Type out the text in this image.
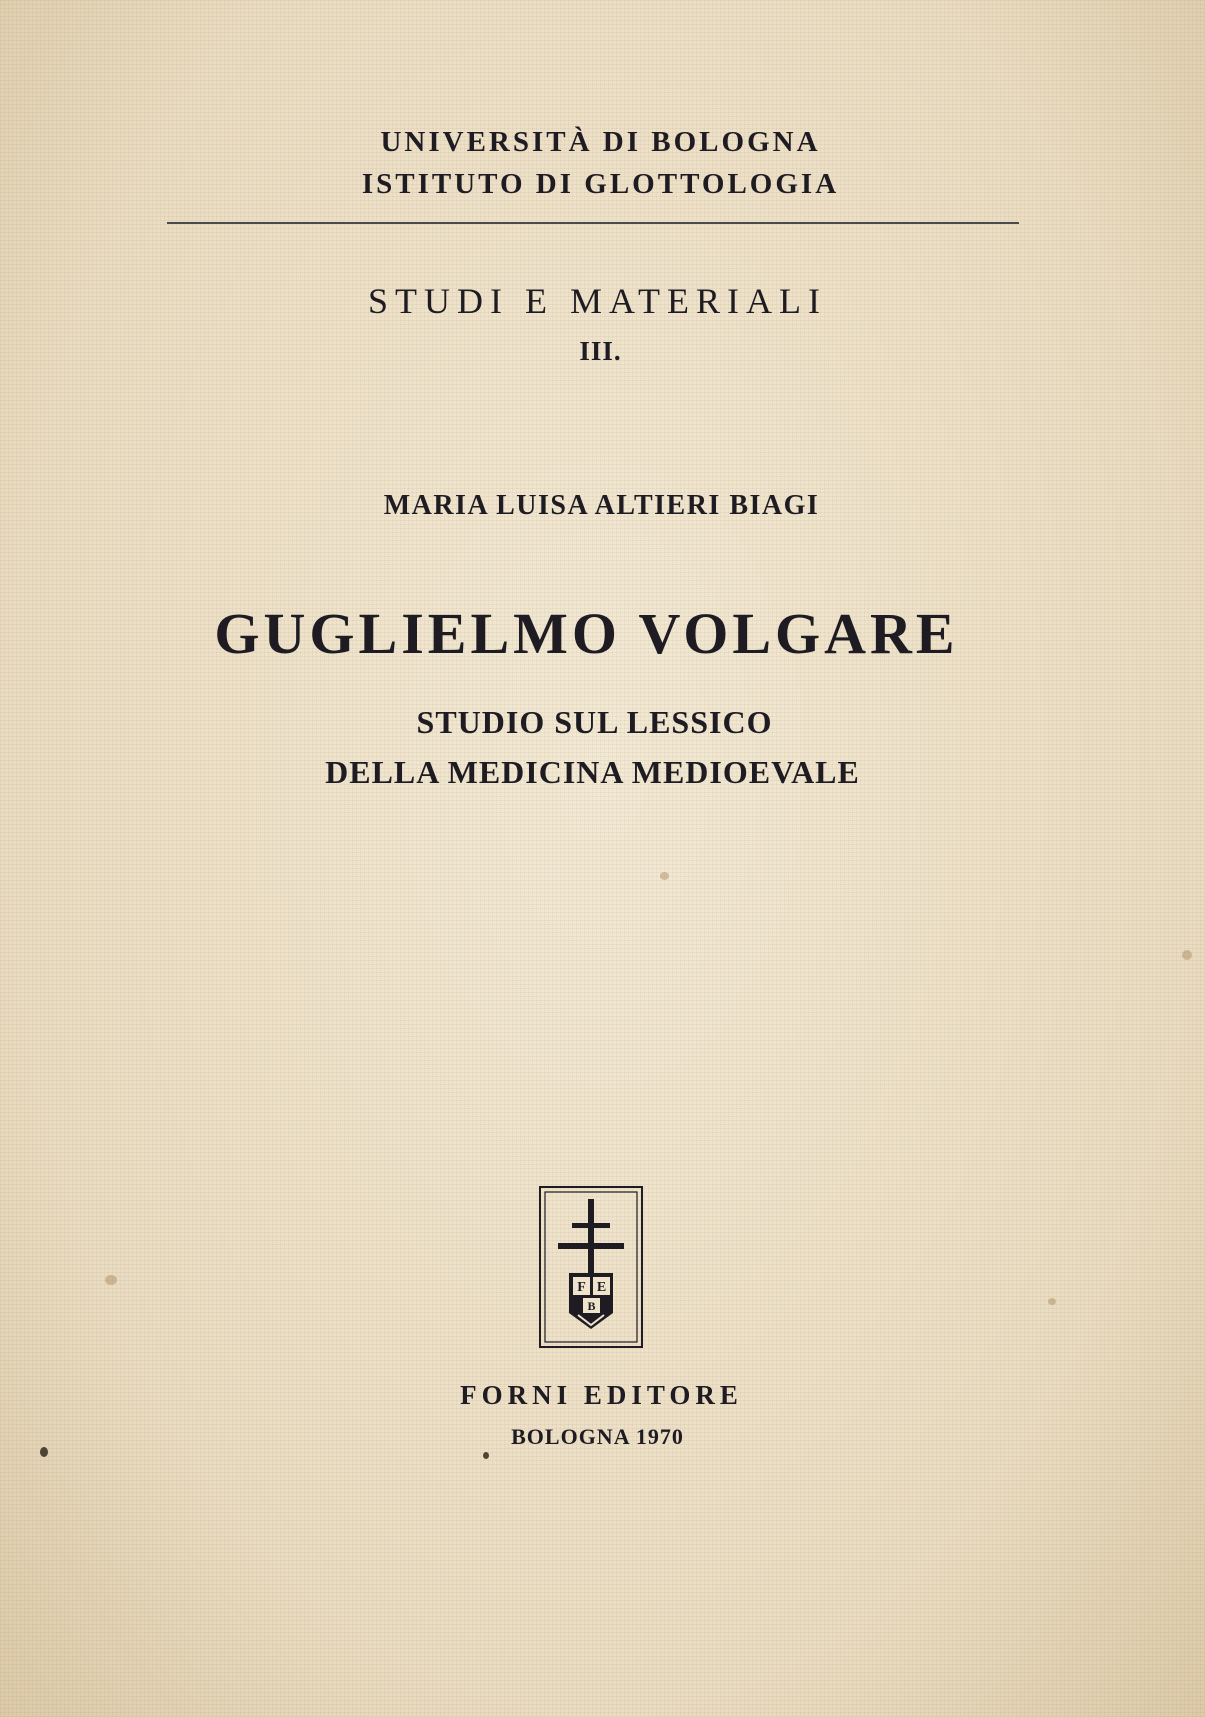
UNIVERSITÀ DI BOLOGNA
ISTITUTO DI GLOTTOLOGIA
STUDI E MATERIALI
III.
MARIA LUISA ALTIERI BIAGI
GUGLIELMO VOLGARE
STUDIO SUL LESSICO
DELLA MEDICINA MEDIOEVALE
F E
B
FORNI EDITORE
BOLOGNA 1970
